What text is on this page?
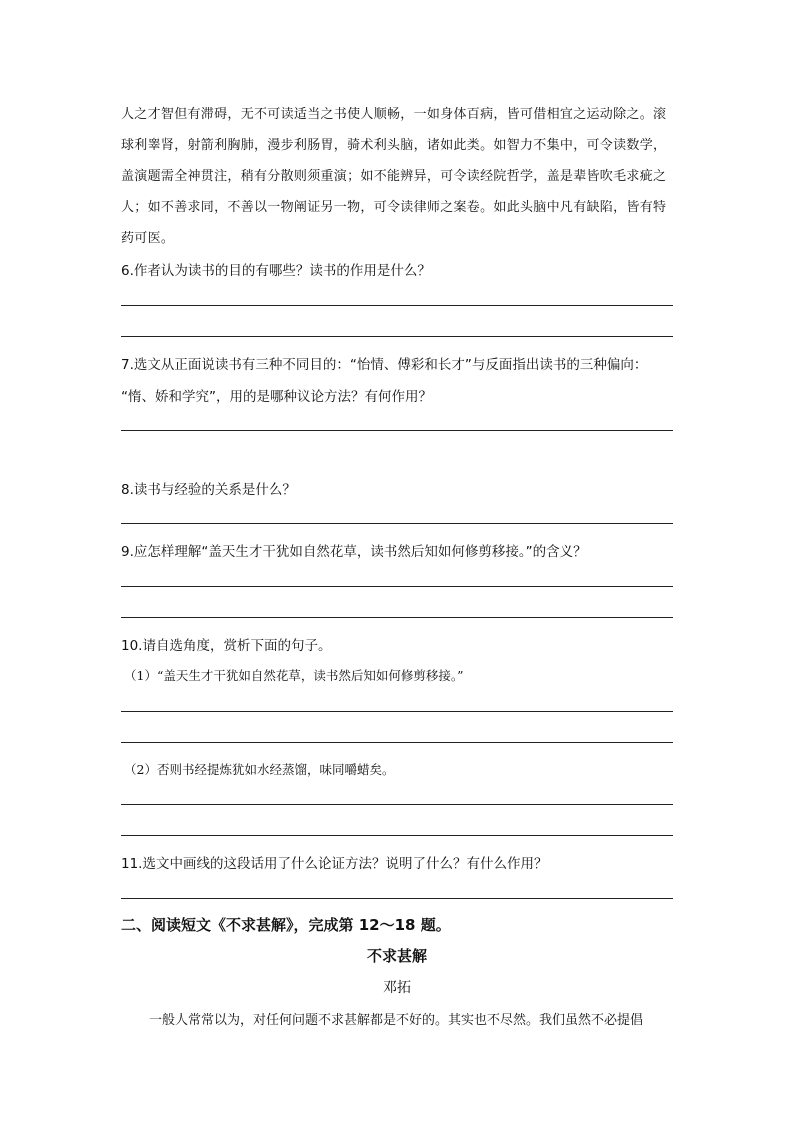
人之才智但有滞碍，无不可读适当之书使人顺畅，一如身体百病，皆可借相宜之运动除之。滚球利睾肾，射箭利胸肺，漫步利肠胃，骑术利头脑，诸如此类。如智力不集中，可令读数学，盖演题需全神贯注，稍有分散则须重演；如不能辨异，可令读经院哲学，盖是辈皆吹毛求疵之人；如不善求同，不善以一物阐证另一物，可令读律师之案卷。如此头脑中凡有缺陷，皆有特药可医。
6.作者认为读书的目的有哪些？读书的作用是什么？
7.选文从正面说读书有三种不同目的：“怡情、傅彩和长才”与反面指出读书的三种偏向：
“惰、娇和学究”，用的是哪种议论方法？有何作用？
8.读书与经验的关系是什么？
9.应怎样理解“盖天生才干犹如自然花草，读书然后知如何修剪移接。”的含义？
10.请自选角度，赏析下面的句子。
（1）“盖天生才干犹如自然花草，读书然后知如何修剪移接。”
（2）否则书经提炼犹如水经蒸馏，味同嚼蜡矣。
11.选文中画线的这段话用了什么论证方法？说明了什么？有什么作用？
二、阅读短文《不求甚解》，完成第 12～18 题。
不求甚解
邓拓
一般人常常以为，对任何问题不求甚解都是不好的。其实也不尽然。我们虽然不必提倡
